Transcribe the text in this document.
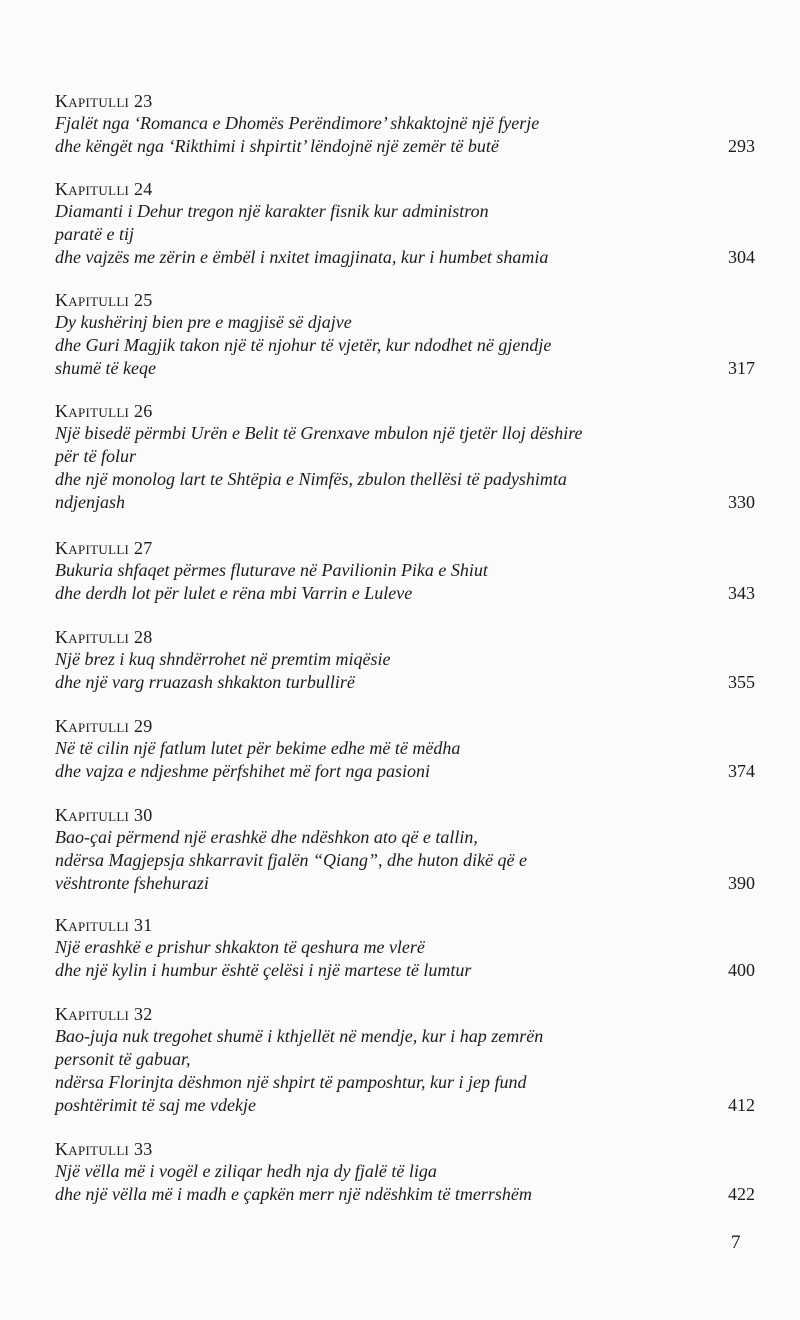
Kapitulli 23
Fjalët nga ‘Romanca e Dhomës Perëndimore’ shkaktojnë një fyerje
dhe këngët nga ‘Rikthimi i shpirtit’ lëndojnë një zemër të butë	293
Kapitulli 24
Diamanti i Dehur tregon një karakter fisnik kur administron
paratë e tij
dhe vajzës me zërin e ëmbël i nxitet imagjinata, kur i humbet shamia	304
Kapitulli 25
Dy kushërinj bien pre e magjisë së djajve
dhe Guri Magjik takon një të njohur të vjetër, kur ndodhet në gjendje
shumë të keqe	317
Kapitulli 26
Një bisedë përmbi Urën e Belit të Grenxave mbulon një tjetër lloj dëshire
për të folur
dhe një monolog lart te Shtëpia e Nimfës, zbulon thellësi të padyshimta
ndjenjash	330
Kapitulli 27
Bukuria shfaqet përmes fluturave në Pavilionin Pika e Shiut
dhe derdh lot për lulet e rëna mbi Varrin e Luleve	343
Kapitulli 28
Një brez i kuq shndërrohet në premtim miqësie
dhe një varg rruazash shkakton turbullirë	355
Kapitulli 29
Në të cilin një fatlum lutet për bekime edhe më të mëdha
dhe vajza e ndjeshme përfshihet më fort nga pasioni	374
Kapitulli 30
Bao-çai përmend një erashkë dhe ndëshkon ato që e tallin,
ndërsa Magjepsja shkarravit fjalën “Qiang”, dhe huton dikë që e
vështronte fshehurazi	390
Kapitulli 31
Një erashkë e prishur shkakton të qeshura me vlerë
dhe një kylin i humbur është çelësi i një martese të lumtur	400
Kapitulli 32
Bao-juja nuk tregohet shumë i kthjellët në mendje, kur i hap zemrën
personit të gabuar,
ndërsa Florinjta dëshmon një shpirt të pamposhtur, kur i jep fund
poshtërimit të saj me vdekje	412
Kapitulli 33
Një vëlla më i vogël e ziliqar hedh nja dy fjalë të liga
dhe një vëlla më i madh e çapkën merr një ndëshkim të tmerrshëm	422
7
